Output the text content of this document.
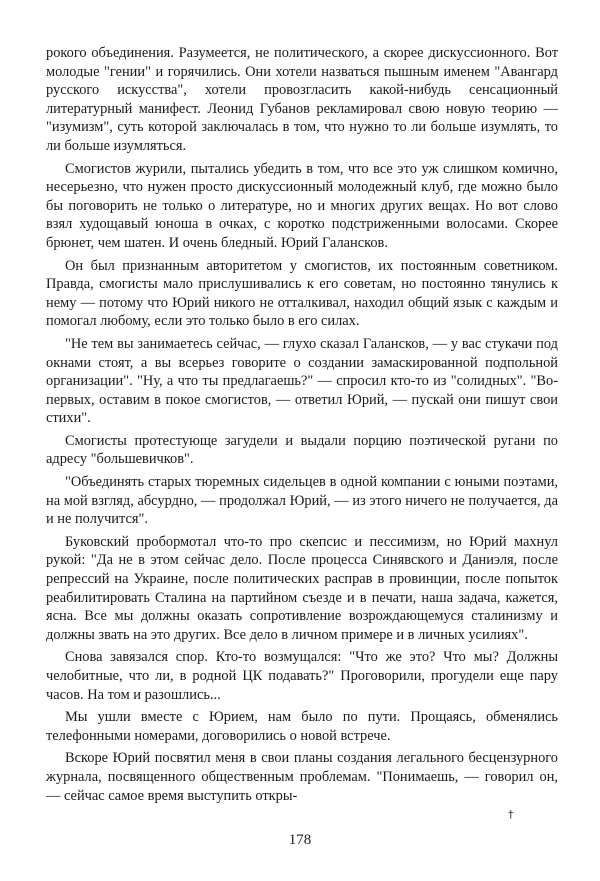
рокого объединения. Разумеется, не политического, а скорее дискуссионного. Вот молодые "гении" и горячились. Они хотели назваться пышным именем "Авангард русского искусства", хотели провозгласить какой-нибудь сенсационный литературный манифест. Леонид Губанов рекламировал свою новую теорию — "изумизм", суть которой заключалась в том, что нужно то ли больше изумлять, то ли больше изумляться.

Смогистов журили, пытались убедить в том, что все это уж слишком комично, несерьезно, что нужен просто дискуссионный молодежный клуб, где можно было бы поговорить не только о литературе, но и многих других вещах. Но вот слово взял худощавый юноша в очках, с коротко подстриженными волосами. Скорее брюнет, чем шатен. И очень бледный. Юрий Галансков.

Он был признанным авторитетом у смогистов, их постоянным советником. Правда, смогисты мало прислушивались к его советам, но постоянно тянулись к нему — потому что Юрий никого не отталкивал, находил общий язык с каждым и помогал любому, если это только было в его силах.

"Не тем вы занимаетесь сейчас, — глухо сказал Галансков, — у вас стукачи под окнами стоят, а вы всерьез говорите о создании замаскированной подпольной организации". "Ну, а что ты предлагаешь?" — спросил кто-то из "солидных". "Во-первых, оставим в покое смогистов, — ответил Юрий, — пускай они пишут свои стихи".

Смогисты протестующе загудели и выдали порцию поэтической ругани по адресу "большевичков".

"Объединять старых тюремных сидельцев в одной компании с юными поэтами, на мой взгляд, абсурдно, — продолжал Юрий, — из этого ничего не получается, да и не получится".

Буковский пробормотал что-то про скепсис и пессимизм, но Юрий махнул рукой: "Да не в этом сейчас дело. После процесса Синявского и Даниэля, после репрессий на Украине, после политических расправ в провинции, после попыток реабилитировать Сталина на партийном съезде и в печати, наша задача, кажется, ясна. Все мы должны оказать сопротивление возрождающемуся сталинизму и должны звать на это других. Все дело в личном примере и в личных усилиях".

Снова завязался спор. Кто-то возмущался: "Что же это? Что мы? Должны челобитные, что ли, в родной ЦК подавать?" Проговорили, прогудели еще пару часов. На том и разошлись...

Мы ушли вместе с Юрием, нам было по пути. Прощаясь, обменялись телефонными номерами, договорились о новой встрече.

Вскоре Юрий посвятил меня в свои планы создания легального бесцензурного журнала, посвященного общественным проблемам. "Понимаешь, — говорил он, — сейчас самое время выступить откры-

†
178
